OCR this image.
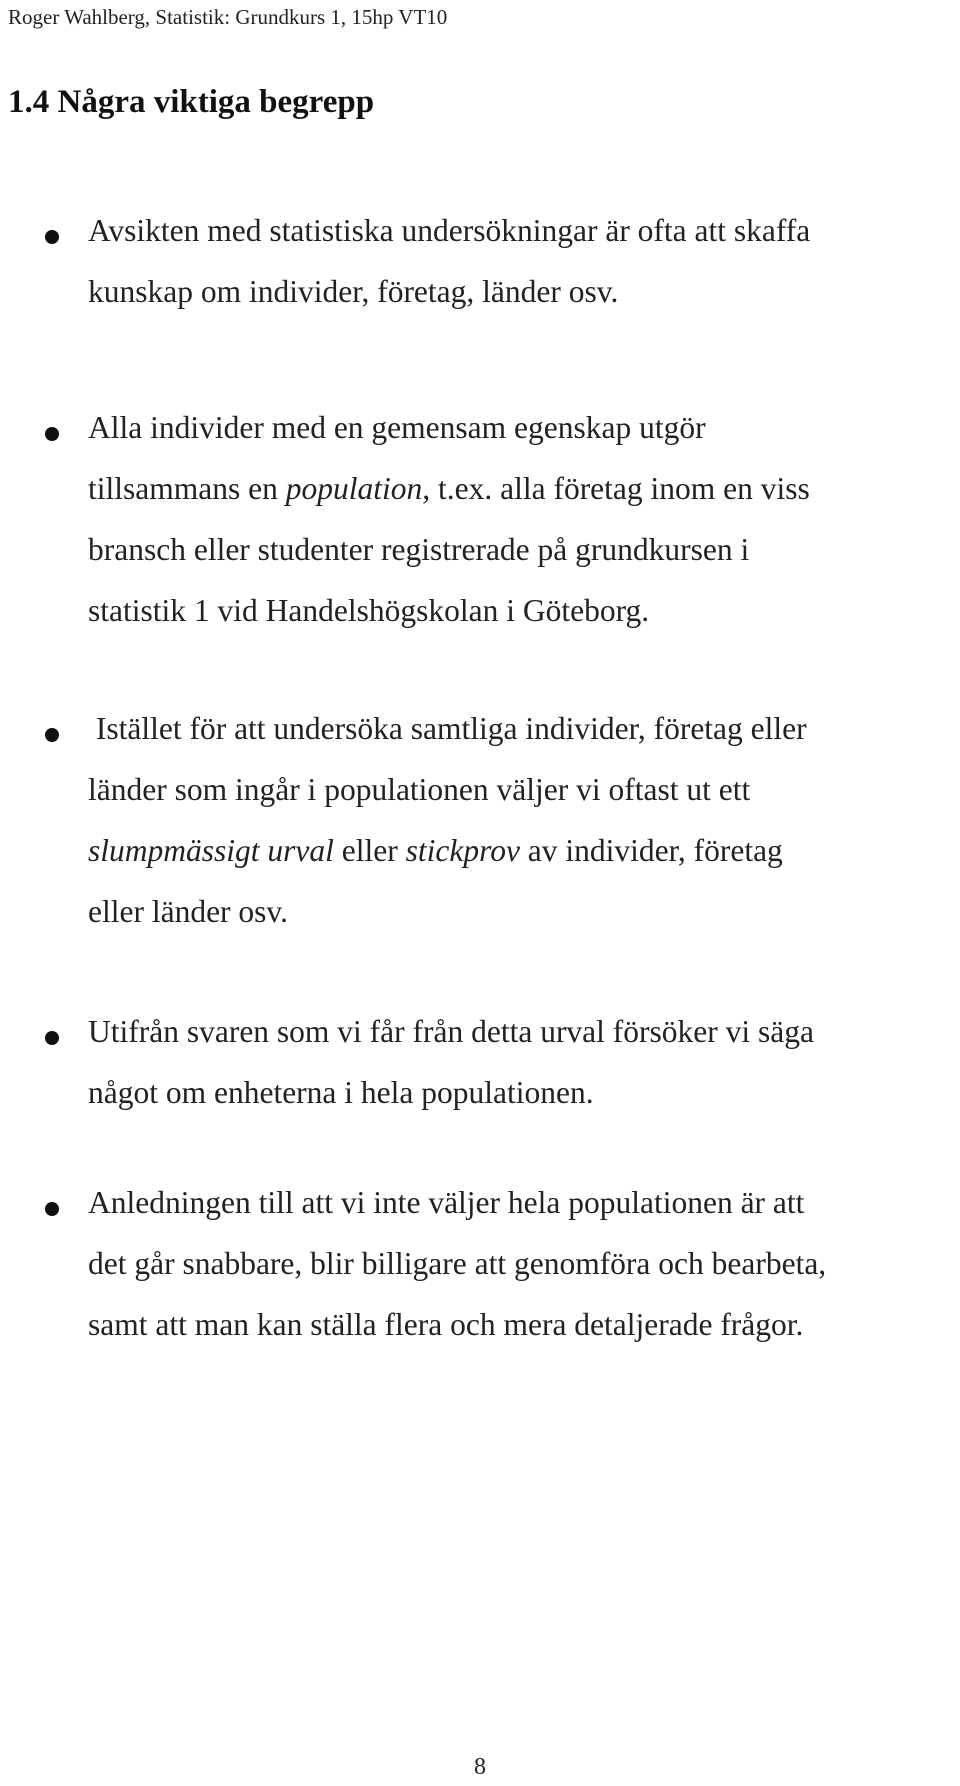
Roger Wahlberg, Statistik: Grundkurs 1, 15hp VT10
1.4 Några viktiga begrepp
Avsikten med statistiska undersökningar är ofta att skaffa
kunskap om individer, företag, länder osv.
Alla individer med en gemensam egenskap utgör
tillsammans en population, t.ex. alla företag inom en viss
bransch eller studenter registrerade på grundkursen i
statistik 1 vid Handelshögskolan i Göteborg.
Istället för att undersöka samtliga individer, företag eller
länder som ingår i populationen väljer vi oftast ut ett
slumpmässigt urval eller stickprov av individer, företag
eller länder osv.
Utifrån svaren som vi får från detta urval försöker vi säga
något om enheterna i hela populationen.
Anledningen till att vi inte väljer hela populationen är att
det går snabbare, blir billigare att genomföra och bearbeta,
samt att man kan ställa flera och mera detaljerade frågor.
8
